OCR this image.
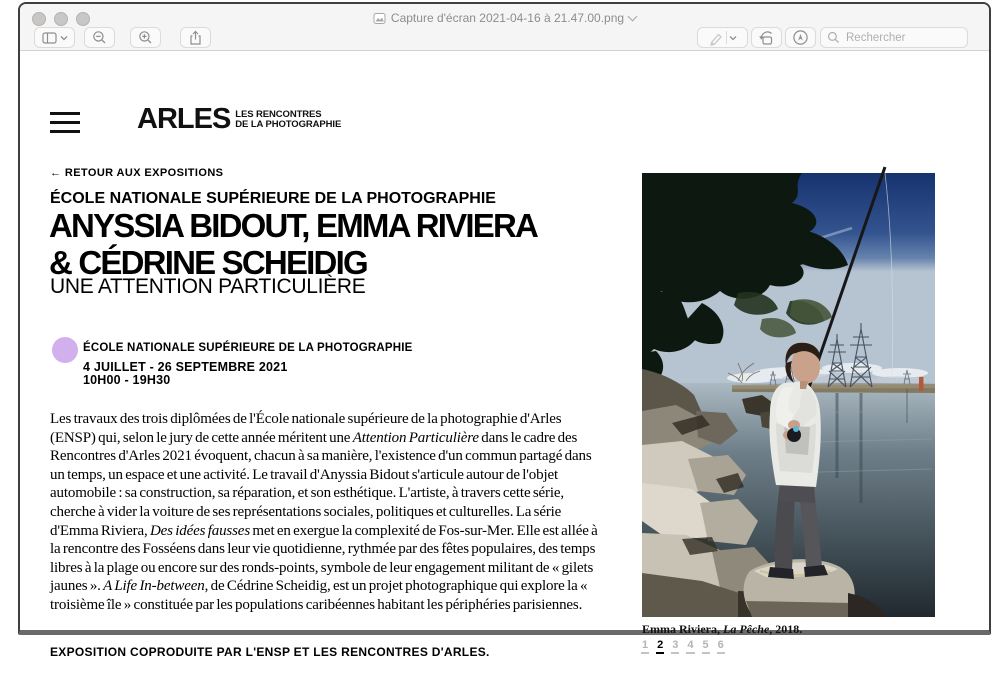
Capture d'écran 2021-04-16 à 21.47.00.png
Rechercher
ARLES LES RENCONTRES
DE LA PHOTOGRAPHIE
← RETOUR AUX EXPOSITIONS
ÉCOLE NATIONALE SUPÉRIEURE DE LA PHOTOGRAPHIE
ANYSSIA BIDOUT, EMMA RIVIERA
& CÉDRINE SCHEIDIG
UNE ATTENTION PARTICULIÈRE
ÉCOLE NATIONALE SUPÉRIEURE DE LA PHOTOGRAPHIE
4 JUILLET - 26 SEPTEMBRE 2021
10H00 - 19H30

Les travaux des trois diplômées de l'École nationale supérieure de la photographie d'Arles (ENSP) qui, selon le jury de cette année méritent une Attention Particulière dans le cadre des Rencontres d'Arles 2021 évoquent, chacun à sa manière, l'existence d'un commun partagé dans un temps, un espace et une activité. Le travail d'Anyssia Bidout s'articule autour de l'objet automobile : sa construction, sa réparation, et son esthétique. L'artiste, à travers cette série, cherche à vider la voiture de ses représentations sociales, politiques et culturelles. La série d'Emma Riviera, Des idées fausses met en exergue la complexité de Fos-sur-Mer. Elle est allée à la rencontre des Fosséens dans leur vie quotidienne, rythmée par des fêtes populaires, des temps libres à la plage ou encore sur des ronds-points, symbole de leur engagement militant de « gilets jaunes ». A Life In-between, de Cédrine Scheidig, est un projet photographique qui explore la « troisième île » constituée par les populations caribéennes habitant les périphéries parisiennes.

EXPOSITION COPRODUITE PAR L'ENSP ET LES RENCONTRES D'ARLES.
Emma Riviera, La Pêche, 2018.
1 2 3 4 5 6
